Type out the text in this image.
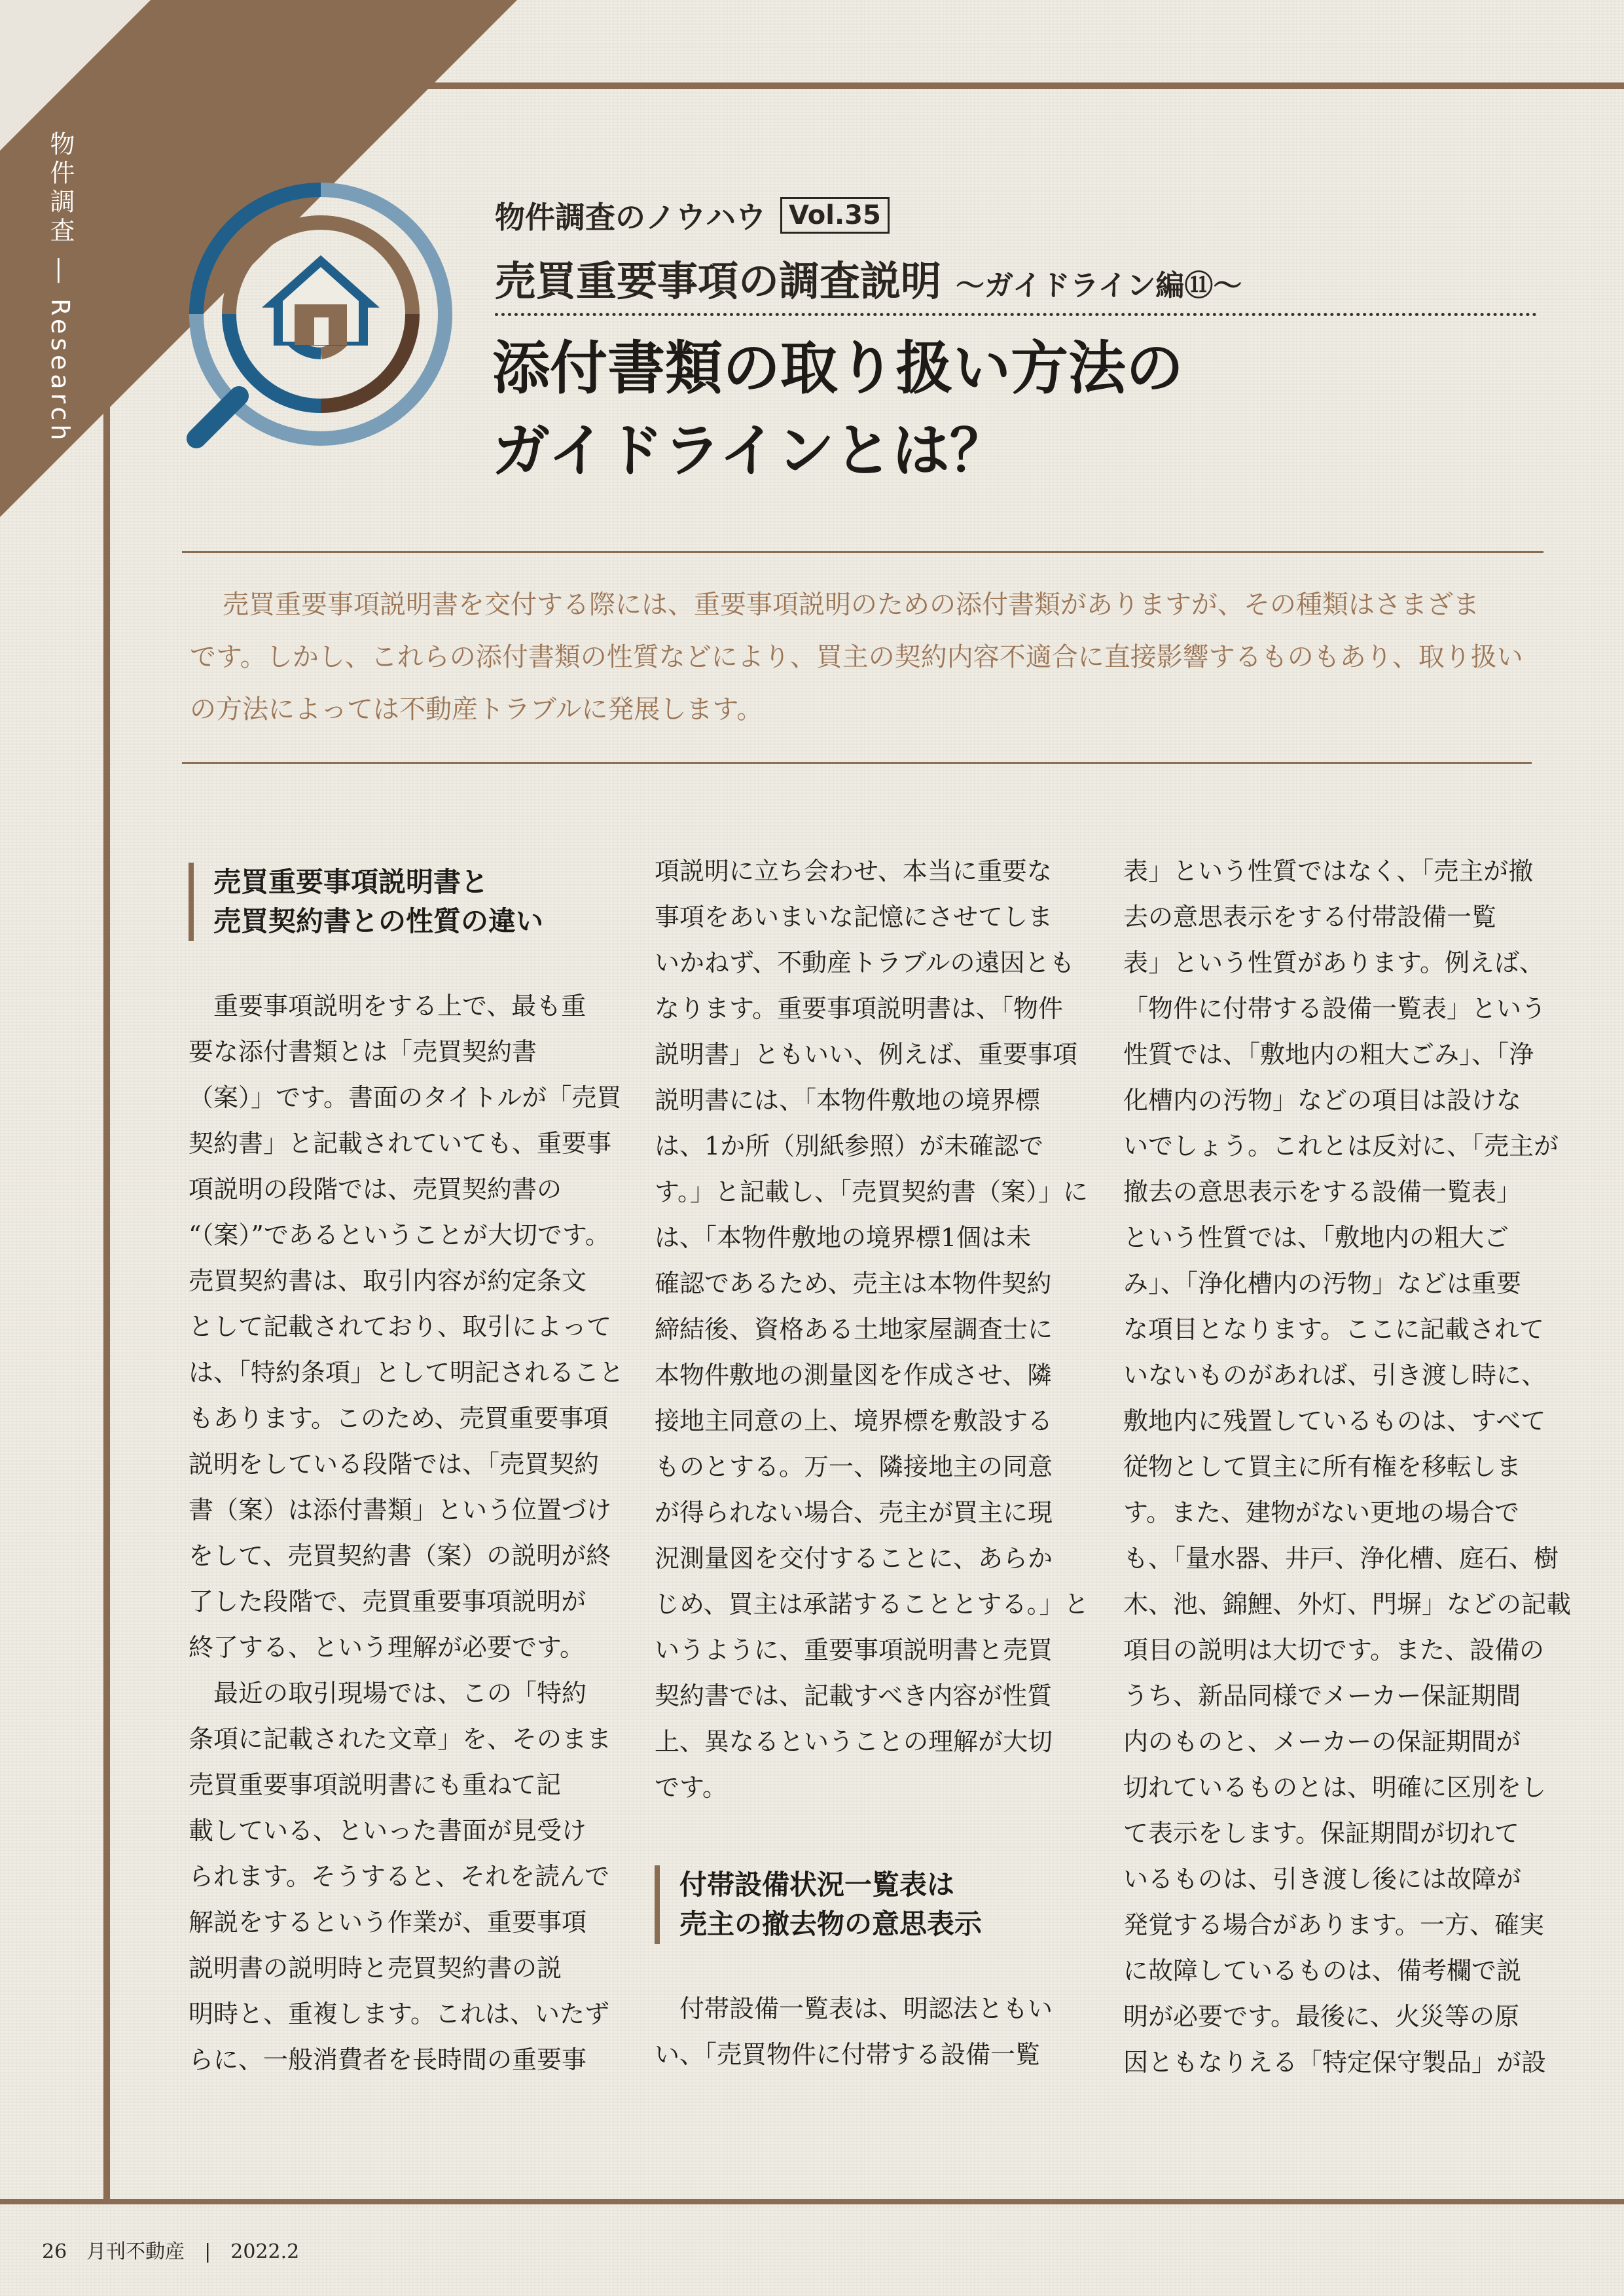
物件調査 ― Research	物件調査のノウハウ Vol.35
売買重要事項の調査説明 ～ガイドライン編⑪～
添付書類の取り扱い方法の
ガイドラインとは？

売買重要事項説明書を交付する際には、重要事項説明のための添付書類がありますが、その種類はさまざま

です。しかし、これらの添付書類の性質などにより、買主の契約内容不適合に直接影響するものもあり、取り扱い

の方法によっては不動産トラブルに発展します。

売買重要事項説明書と
売買契約書との性質の違い
　重要事項説明をする上で、最も重
要な添付書類とは「売買契約書
（案）」です。書面のタイトルが「売買
契約書」と記載されていても、重要事
項説明の段階では、売買契約書の
“（案）”であるということが大切です。
売買契約書は、取引内容が約定条文
として記載されており、取引によって
は、「特約条項」として明記されること
もあります。このため、売買重要事項
説明をしている段階では、「売買契約
書（案）は添付書類」という位置づけ
をして、売買契約書（案）の説明が終
了した段階で、売買重要事項説明が
終了する、という理解が必要です。
　最近の取引現場では、この「特約
条項に記載された文章」を、そのまま
売買重要事項説明書にも重ねて記
載している、といった書面が見受け
られます。そうすると、それを読んで
解説をするという作業が、重要事項
説明書の説明時と売買契約書の説
明時と、重複します。これは、いたず
らに、一般消費者を長時間の重要事
項説明に立ち会わせ、本当に重要な
事項をあいまいな記憶にさせてしま
いかねず、不動産トラブルの遠因とも
なります。重要事項説明書は、「物件
説明書」ともいい、例えば、重要事項
説明書には、「本物件敷地の境界標
は、1か所（別紙参照）が未確認で
す。」と記載し、「売買契約書（案）」に
は、「本物件敷地の境界標1個は未
確認であるため、売主は本物件契約
締結後、資格ある土地家屋調査士に
本物件敷地の測量図を作成させ、隣
接地主同意の上、境界標を敷設する
ものとする。万一、隣接地主の同意
が得られない場合、売主が買主に現
況測量図を交付することに、あらか
じめ、買主は承諾することとする。」と
いうように、重要事項説明書と売買
契約書では、記載すべき内容が性質
上、異なるということの理解が大切
です。
付帯設備状況一覧表は
売主の撤去物の意思表示
　付帯設備一覧表は、明認法ともい
い、「売買物件に付帯する設備一覧
表」という性質ではなく、「売主が撤
去の意思表示をする付帯設備一覧
表」という性質があります。例えば、
「物件に付帯する設備一覧表」という
性質では、「敷地内の粗大ごみ」、「浄
化槽内の汚物」などの項目は設けな
いでしょう。これとは反対に、「売主が
撤去の意思表示をする設備一覧表」
という性質では、「敷地内の粗大ご
み」、「浄化槽内の汚物」などは重要
な項目となります。ここに記載されて
いないものがあれば、引き渡し時に、
敷地内に残置しているものは、すべて
従物として買主に所有権を移転しま
す。また、建物がない更地の場合で
も、「量水器、井戸、浄化槽、庭石、樹
木、池、錦鯉、外灯、門塀」などの記載
項目の説明は大切です。また、設備の
うち、新品同様でメーカー保証期間
内のものと、メーカーの保証期間が
切れているものとは、明確に区別をし
て表示をします。保証期間が切れて
いるものは、引き渡し後には故障が
発覚する場合があります。一方、確実
に故障しているものは、備考欄で説
明が必要です。最後に、火災等の原
因ともなりえる「特定保守製品」が設
26　月刊不動産　|　2022.2
